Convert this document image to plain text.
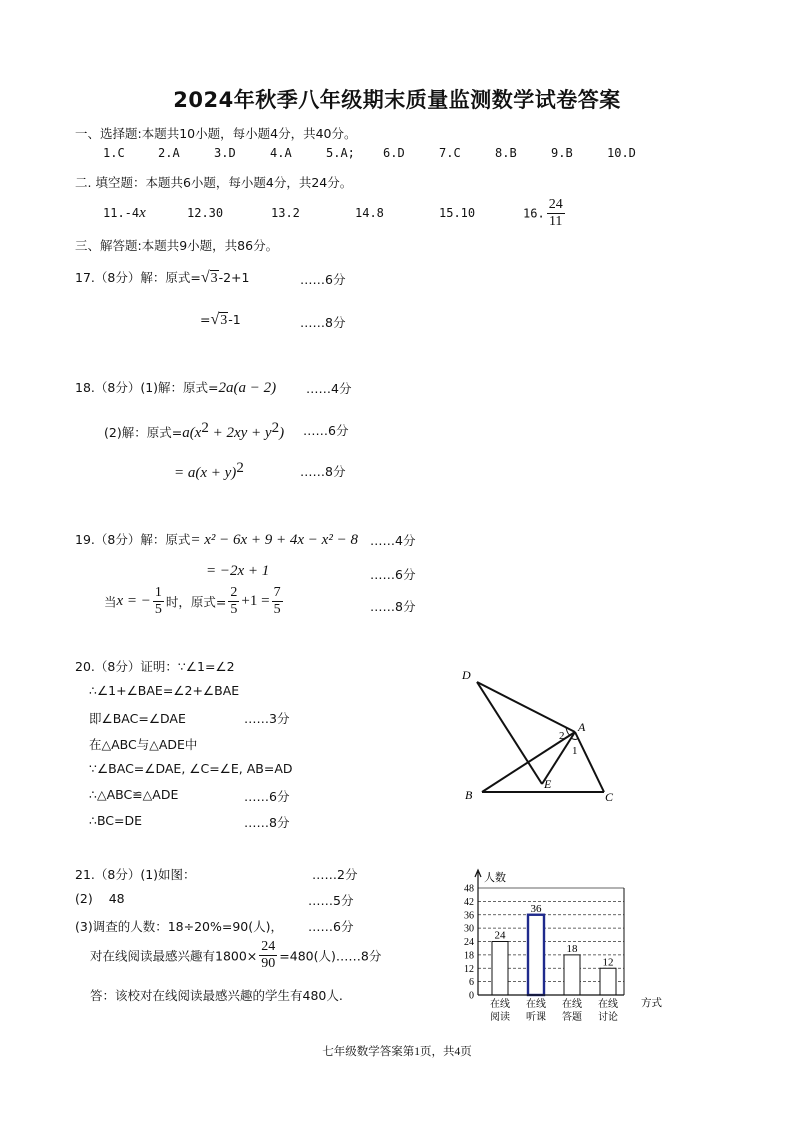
2024年秋季八年级期末质量监测数学试卷答案
一、选择题:本题共10小题，每小题4分，共40分。
1.C	2.A	3.D	4.A	5.A; 6.D	7.C	8.B	9.B	10.D
二. 填空题：本题共6小题，每小题4分，共24分。
11.-4x	12.30	13.2	14.8	15.10	16. $\frac{24}{11}$
三、解答题:本题共9小题，共86分。
17.（8分）解：原式=√3-2+1	……6分
=√3-1	……8分
18.（8分）(1)解：原式=2a(a − 2) ……4分
(2)解：原式$=a(x^2 + 2xy + y^2)$ ……6分
= $a(x + y)^2$	……8分
19.（8分）解：原式= x² − 6x + 9 + 4x − x² − 8 ……4分
= −2x + 1	……6分
当x = − $\frac{1}{5}$ 时，原式= $\frac{2}{5} +1 = \frac{7}{5}$	……8分
20.（8分）证明：∵∠1=∠2
∴∠1+∠BAE=∠2+∠BAE
即∠BAC=∠DAE	……3分
在△ABC与△ADE中
∵∠BAC=∠DAE, ∠C=∠E, AB=AD
∴△ABC≌△ADE	……6分
∴BC=DE	……8分
D
A
B	C
E
2
1
21.（8分）(1)如图：	……2分
(2) 48	……5分
(3)调查的人数：18÷20%=90(人)， ……6分
对在线阅读最感兴趣有$1800\times \frac{24}{90} =480$(人)……8分
答：该校对在线阅读最感兴趣的学生有480人.	0
6
12
18
24
30
36
42
48
24
在线
阅读
36
在线
听课
18
在线
答题
12
在线
讨论
人数
方式
七年级数学答案第1页，共4页
